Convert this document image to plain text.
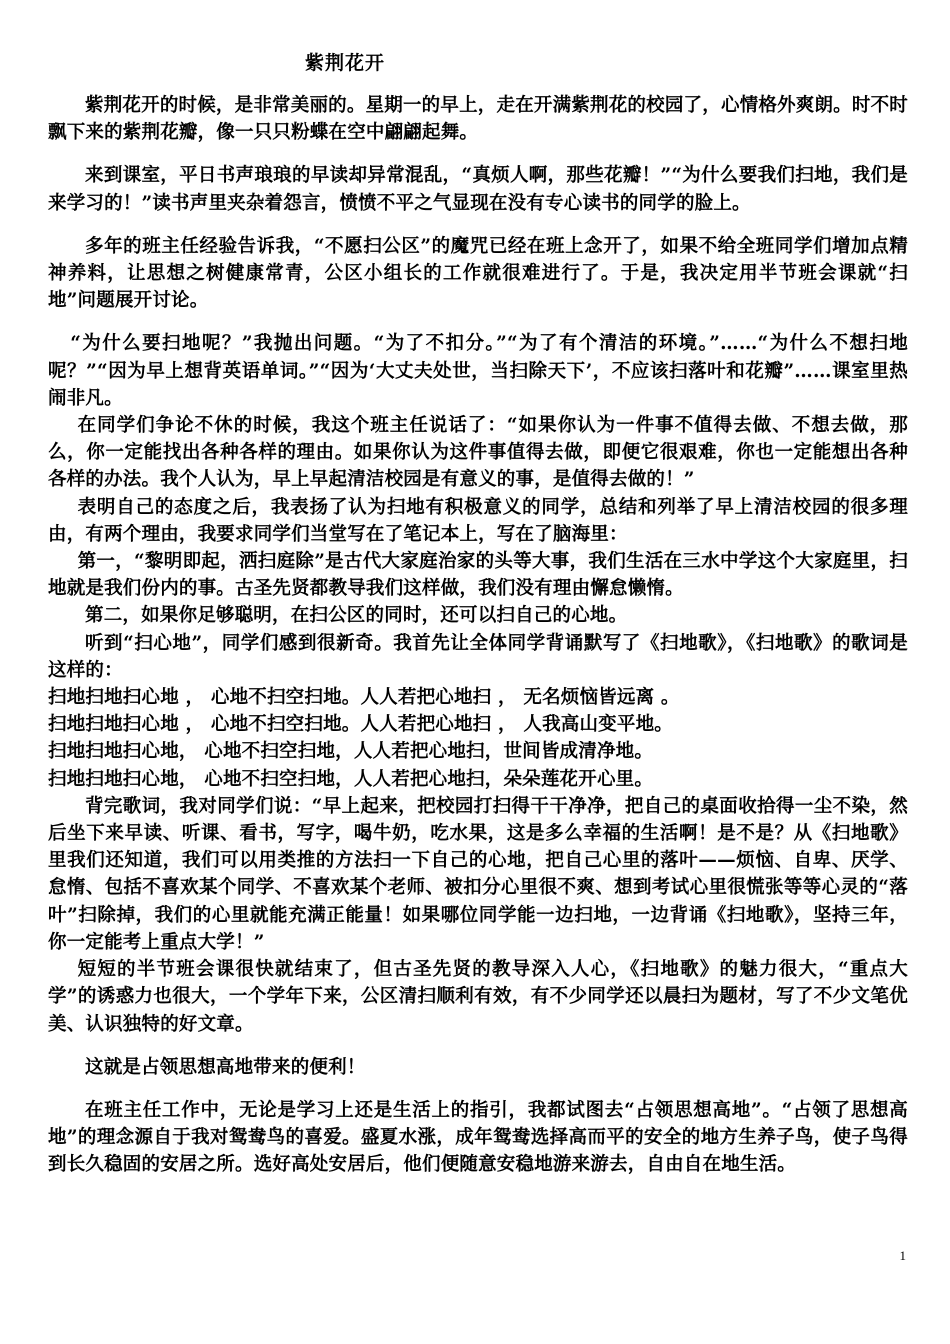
紫荆花开

紫荆花开的时候，是非常美丽的。星期一的早上，走在开满紫荆花的校园了，心情格外爽朗。时不时飘下来的紫荆花瓣，像一只只粉蝶在空中翩翩起舞。

来到课室，平日书声琅琅的早读却异常混乱，“真烦人啊，那些花瓣！”“为什么要我们扫地，我们是来学习的！”读书声里夹杂着怨言，愤愤不平之气显现在没有专心读书的同学的脸上。

多年的班主任经验告诉我，“不愿扫公区”的魔咒已经在班上念开了，如果不给全班同学们增加点精神养料，让思想之树健康常青，公区小组长的工作就很难进行了。于是，我决定用半节班会课就“扫地”问题展开讨论。

“为什么要扫地呢？”我抛出问题。“为了不扣分。”“为了有个清洁的环境。”……“为什么不想扫地呢？”“因为早上想背英语单词。”“因为‘大丈夫处世，当扫除天下’，不应该扫落叶和花瓣”……课室里热闹非凡。

在同学们争论不休的时候，我这个班主任说话了：“如果你认为一件事不值得去做、不想去做，那么，你一定能找出各种各样的理由。如果你认为这件事值得去做，即便它很艰难，你也一定能想出各种各样的办法。我个人认为，早上早起清洁校园是有意义的事，是值得去做的！”

表明自己的态度之后，我表扬了认为扫地有积极意义的同学，总结和列举了早上清洁校园的很多理由，有两个理由，我要求同学们当堂写在了笔记本上，写在了脑海里：

第一，“黎明即起，洒扫庭除”是古代大家庭治家的头等大事，我们生活在三水中学这个大家庭里，扫地就是我们份内的事。古圣先贤都教导我们这样做，我们没有理由懈怠懒惰。

第二，如果你足够聪明，在扫公区的同时，还可以扫自己的心地。

听到“扫心地”，同学们感到很新奇。我首先让全体同学背诵默写了《扫地歌》，《扫地歌》的歌词是这样的：

扫地扫地扫心地 ， 心地不扫空扫地。人人若把心地扫 ， 无名烦恼皆远离 。

扫地扫地扫心地 ， 心地不扫空扫地。人人若把心地扫 ， 人我高山变平地。

扫地扫地扫心地， 心地不扫空扫地，人人若把心地扫，世间皆成清净地。

扫地扫地扫心地， 心地不扫空扫地，人人若把心地扫，朵朵莲花开心里。

背完歌词，我对同学们说：“早上起来，把校园打扫得干干净净，把自己的桌面收拾得一尘不染，然后坐下来早读、听课、看书，写字，喝牛奶，吃水果，这是多么幸福的生活啊！是不是？从《扫地歌》里我们还知道，我们可以用类推的方法扫一下自己的心地，把自己心里的落叶——烦恼、自卑、厌学、怠惰、包括不喜欢某个同学、不喜欢某个老师、被扣分心里很不爽、想到考试心里很慌张等等心灵的“落叶”扫除掉，我们的心里就能充满正能量！如果哪位同学能一边扫地，一边背诵《扫地歌》，坚持三年，你一定能考上重点大学！”

短短的半节班会课很快就结束了，但古圣先贤的教导深入人心，《扫地歌》的魅力很大，“重点大学”的诱惑力也很大，一个学年下来，公区清扫顺利有效，有不少同学还以晨扫为题材，写了不少文笔优美、认识独特的好文章。

这就是占领思想高地带来的便利！

在班主任工作中，无论是学习上还是生活上的指引，我都试图去“占领思想高地”。“占领了思想高地”的理念源自于我对鸳鸯鸟的喜爱。盛夏水涨，成年鸳鸯选择高而平的安全的地方生养子鸟，使子鸟得到长久稳固的安居之所。选好高处安居后，他们便随意安稳地游来游去，自由自在地生活。

1
